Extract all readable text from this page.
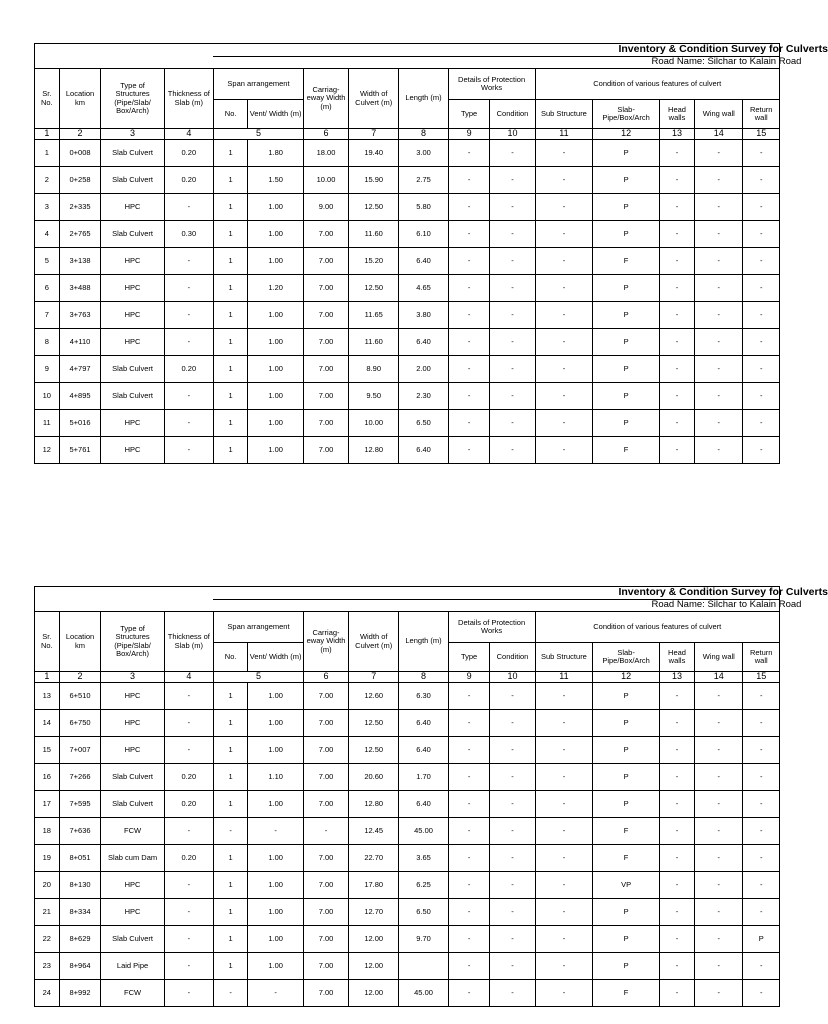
				Inventory & Condition Survey for Culverts											
				Road Name: Silchar to Kalain Road											
Sr. No.	Location km	Type of Structures (Pipe/Slab/ Box/Arch)	Thickness of Slab (m)	Span arrangement		Carriag-eway Width (m)	Width of Culvert (m)	Length (m)	Details of Protection Works		Condition of various features of culvert				
				No.	Vent/ Width (m)				Type	Condition	Sub Structure	Slab-Pipe/Box/Arch	Head walls	Wing wall	Return wall
1	2	3	4	5		6	7	8	9	10	11	12	13	14	15
1	0+008	Slab Culvert	0.20	1	1.80	18.00	19.40	3.00	-	-	-	P	-	-	-
2	0+258	Slab Culvert	0.20	1	1.50	10.00	15.90	2.75	-	-	-	P	-	-	-
3	2+335	HPC	-	1	1.00	9.00	12.50	5.80	-	-	-	P	-	-	-
4	2+765	Slab Culvert	0.30	1	1.00	7.00	11.60	6.10	-	-	-	P	-	-	-
5	3+138	HPC	-	1	1.00	7.00	15.20	6.40	-	-	-	F	-	-	-
6	3+488	HPC	-	1	1.20	7.00	12.50	4.65	-	-	-	P	-	-	-
7	3+763	HPC	-	1	1.00	7.00	11.65	3.80	-	-	-	P	-	-	-
8	4+110	HPC	-	1	1.00	7.00	11.60	6.40	-	-	-	P	-	-	-
9	4+797	Slab Culvert	0.20	1	1.00	7.00	8.90	2.00	-	-	-	P	-	-	-
10	4+895	Slab Culvert	-	1	1.00	7.00	9.50	2.30	-	-	-	P	-	-	-
11	5+016	HPC	-	1	1.00	7.00	10.00	6.50	-	-	-	P	-	-	-
12	5+761	HPC	-	1	1.00	7.00	12.80	6.40	-	-	-	F	-	-	-
				Inventory & Condition Survey for Culverts											
				Road Name: Silchar to Kalain Road											
Sr. No.	Location km	Type of Structures (Pipe/Slab/ Box/Arch)	Thickness of Slab (m)	Span arrangement		Carriag-eway Width (m)	Width of Culvert (m)	Length (m)	Details of Protection Works		Condition of various features of culvert				
				No.	Vent/ Width (m)				Type	Condition	Sub Structure	Slab-Pipe/Box/Arch	Head walls	Wing wall	Return wall
1	2	3	4	5		6	7	8	9	10	11	12	13	14	15
13	6+510	HPC	-	1	1.00	7.00	12.60	6.30	-	-	-	P	-	-	-
14	6+750	HPC	-	1	1.00	7.00	12.50	6.40	-	-	-	P	-	-	-
15	7+007	HPC	-	1	1.00	7.00	12.50	6.40	-	-	-	P	-	-	-
16	7+266	Slab Culvert	0.20	1	1.10	7.00	20.60	1.70	-	-	-	P	-	-	-
17	7+595	Slab Culvert	0.20	1	1.00	7.00	12.80	6.40	-	-	-	P	-	-	-
18	7+636	FCW	-	-	-	-	12.45	45.00	-	-	-	F	-	-	-
19	8+051	Slab cum Dam	0.20	1	1.00	7.00	22.70	3.65	-	-	-	F	-	-	-
20	8+130	HPC	-	1	1.00	7.00	17.80	6.25	-	-	-	VP	-	-	-
21	8+334	HPC	-	1	1.00	7.00	12.70	6.50	-	-	-	P	-	-	-
22	8+629	Slab Culvert	-	1	1.00	7.00	12.00	9.70	-	-	-	P	-	-	P
23	8+964	Laid Pipe	-	1	1.00	7.00	12.00		-	-	-	P	-	-	-
24	8+992	FCW	-	-	-	7.00	12.00	45.00	-	-	-	F	-	-	-
